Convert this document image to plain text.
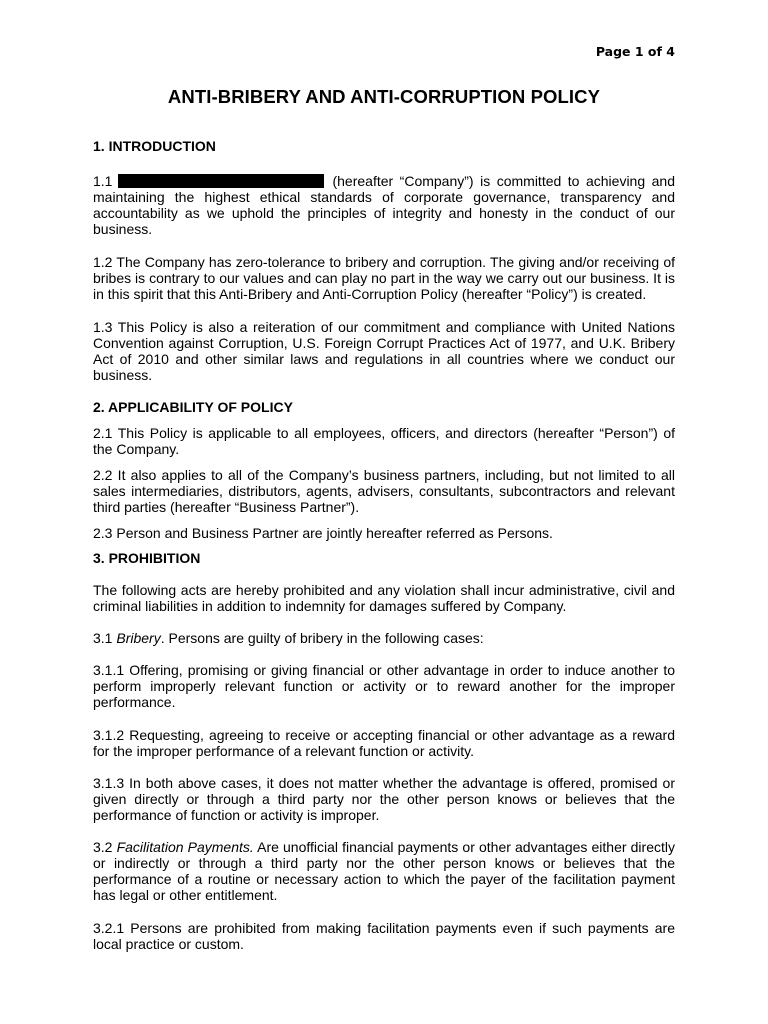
Page 1 of 4
ANTI-BRIBERY AND ANTI-CORRUPTION POLICY
1. INTRODUCTION

1.1	(hereafter “Company”) is committed to achieving and maintaining the highest ethical standards of corporate governance, transparency and accountability as we uphold the principles of integrity and honesty in the conduct of our business.

1.2 The Company has zero-tolerance to bribery and corruption. The giving and/or receiving of bribes is contrary to our values and can play no part in the way we carry out our business. It is in this spirit that this Anti-Bribery and Anti-Corruption Policy (hereafter “Policy”) is created.

1.3 This Policy is also a reiteration of our commitment and compliance with United Nations Convention against Corruption, U.S. Foreign Corrupt Practices Act of 1977, and U.K. Bribery Act of 2010 and other similar laws and regulations in all countries where we conduct our business.

2. APPLICABILITY OF POLICY

2.1 This Policy is applicable to all employees, officers, and directors (hereafter “Person”) of the Company.

2.2 It also applies to all of the Company’s business partners, including, but not limited to all sales intermediaries, distributors, agents, advisers, consultants, subcontractors and relevant third parties (hereafter “Business Partner”).

2.3 Person and Business Partner are jointly hereafter referred as Persons.

3. PROHIBITION

The following acts are hereby prohibited and any violation shall incur administrative, civil and criminal liabilities in addition to indemnity for damages suffered by Company.

3.1 Bribery. Persons are guilty of bribery in the following cases:

3.1.1 Offering, promising or giving financial or other advantage in order to induce another to perform improperly relevant function or activity or to reward another for the improper performance.

3.1.2 Requesting, agreeing to receive or accepting financial or other advantage as a reward for the improper performance of a relevant function or activity.

3.1.3 In both above cases, it does not matter whether the advantage is offered, promised or given directly or through a third party nor the other person knows or believes that the performance of function or activity is improper.

3.2 Facilitation Payments. Are unofficial financial payments or other advantages either directly or indirectly or through a third party nor the other person knows or believes that the performance of a routine or necessary action to which the payer of the facilitation payment has legal or other entitlement.

3.2.1 Persons are prohibited from making facilitation payments even if such payments are local practice or custom.
